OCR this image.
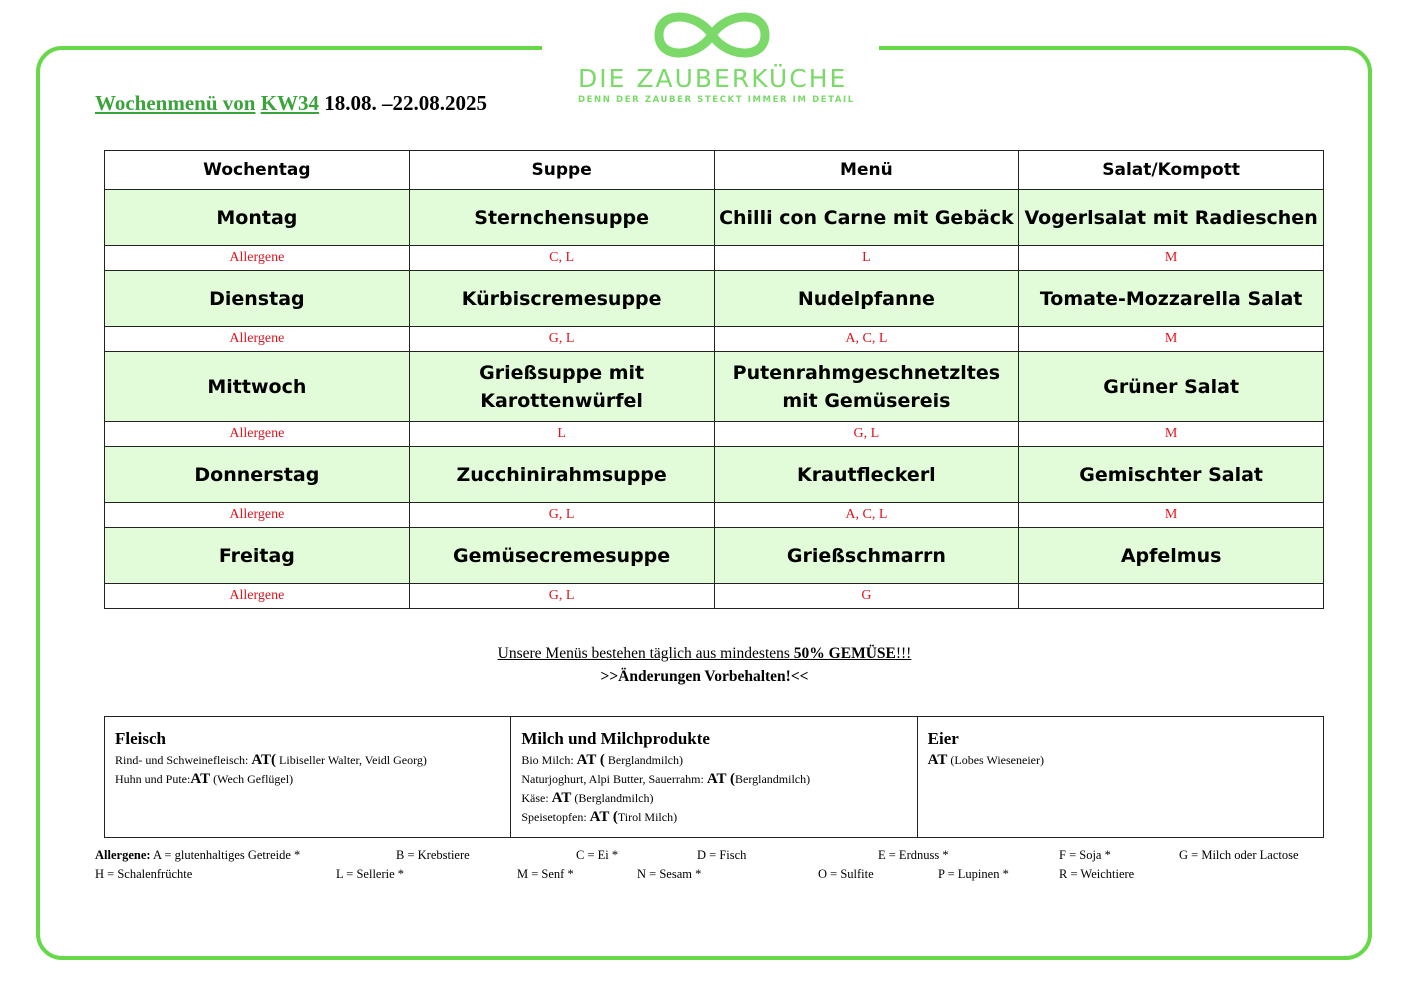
DIE ZAUBERKÜCHE
DENN DER ZAUBER STECKT IMMER IM DETAIL
Wochenmenü von KW34 18.08. –22.08.2025
Wochentag	Suppe	Menü	Salat/Kompott
Montag	Sternchensuppe	Chilli con Carne mit Gebäck	Vogerlsalat mit Radieschen
Allergene	C, L	L	M
Dienstag	Kürbiscremesuppe	Nudelpfanne	Tomate-Mozzarella Salat
Allergene	G, L	A, C, L	M
Mittwoch	Grießsuppe mit Karottenwürfel	Putenrahmgeschnetzltes mit Gemüsereis	Grüner Salat
Allergene	L	G, L	M
Donnerstag	Zucchinirahmsuppe	Krautfleckerl	Gemischter Salat
Allergene	G, L	A, C, L	M
Freitag	Gemüsecremesuppe	Grießschmarrn	Apfelmus
Allergene	G, L	G	
Unsere Menüs bestehen täglich aus mindestens 50% GEMÜSE!!!
>>Änderungen Vorbehalten!<<
Fleisch
Rind- und Schweinefleisch: AT( Libiseller Walter, Veidl Georg)
Huhn und Pute:AT (Wech Geflügel)

Milch und Milchprodukte
Bio Milch: AT ( Berglandmilch)
Naturjoghurt, Alpi Butter, Sauerrahm: AT (Berglandmilch)
Käse: AT (Berglandmilch)
Speisetopfen: AT (Tirol Milch)

Eier
AT (Lobes Wieseneier)
Allergene: A = glutenhaltiges Getreide *	B = Krebstiere	C = Ei *	D = Fisch	E = Erdnuss *	F = Soja *	G = Milch oder Lactose
H = Schalenfrüchte	L = Sellerie *	M = Senf *	N = Sesam *	O = Sulfite	P = Lupinen *	R = Weichtiere
